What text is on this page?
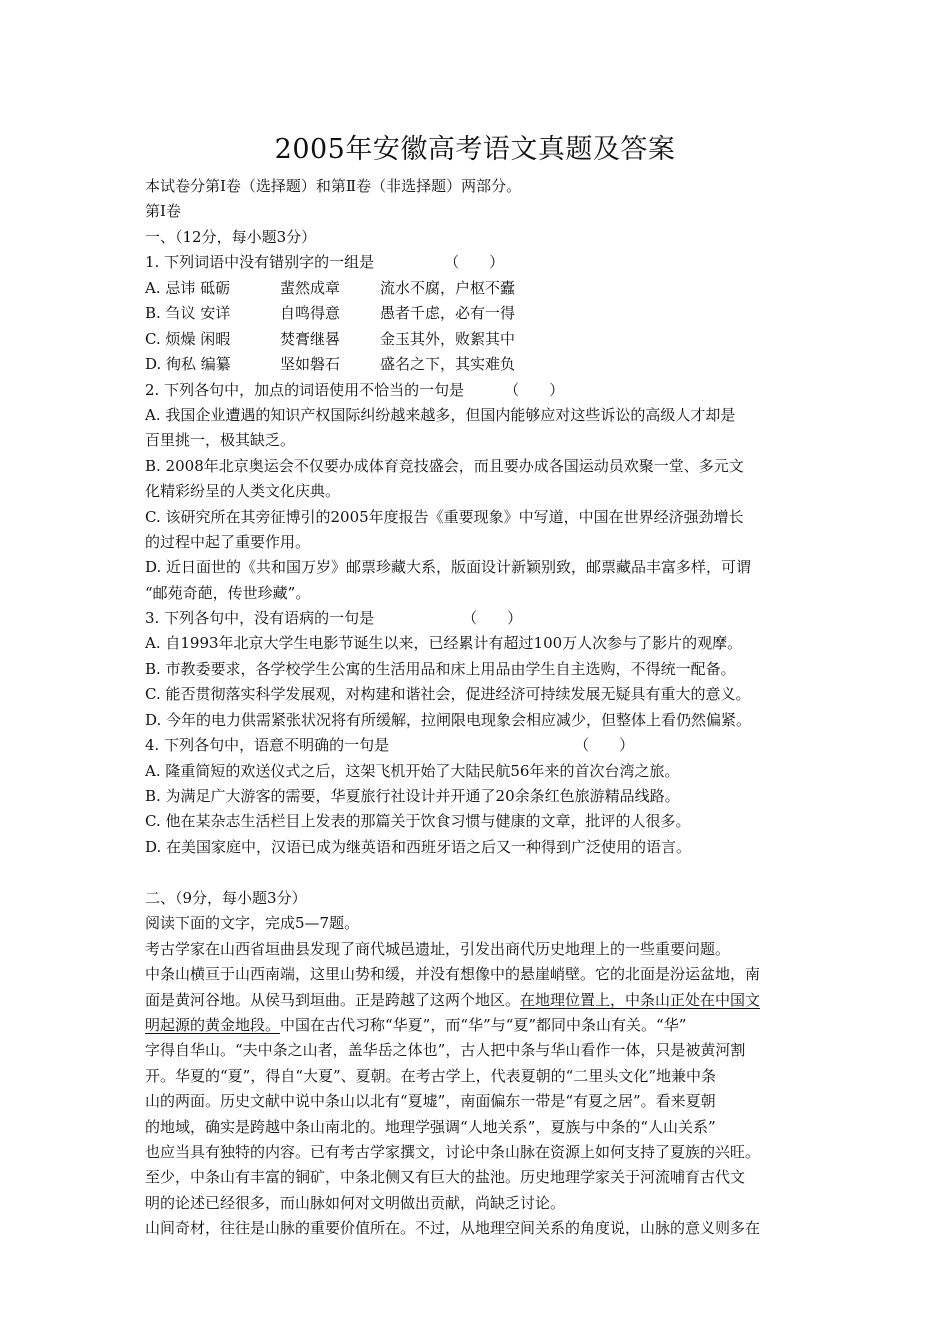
2005年安徽高考语文真题及答案
本试卷分第Ⅰ卷（选择题）和第Ⅱ卷（非选择题）两部分。
第Ⅰ卷
一、（12分，每小题3分）
1. 下列词语中没有错别字的一组是	（　　）
A. 忌讳 砥砺	蜚然成章	流水不腐，户枢不蠹
B. 刍议 安详	自鸣得意	愚者千虑，必有一得
C. 烦燥 闲暇	焚膏继晷	金玉其外，败絮其中
D. 徇私 编纂	坚如磐石	盛名之下，其实难负
2. 下列各句中，加点的词语使用不恰当的一句是	（　　）
A. 我国企业遭遇的知识产权国际纠纷越来越多，但国内能够应对这些诉讼的高级人才却是
百里挑一，极其缺乏。
B. 2008年北京奥运会不仅要办成体育竞技盛会，而且要办成各国运动员欢聚一堂、多元文
化精彩纷呈的人类文化庆典。
C. 该研究所在其旁征博引的2005年度报告《重要现象》中写道，中国在世界经济强劲增长
的过程中起了重要作用。
D. 近日面世的《共和国万岁》邮票珍藏大系，版面设计新颖别致，邮票藏品丰富多样，可谓
“邮苑奇葩，传世珍藏”。
3. 下列各句中，没有语病的一句是	（　　）
A. 自1993年北京大学生电影节诞生以来，已经累计有超过100万人次参与了影片的观摩。
B. 市教委要求，各学校学生公寓的生活用品和床上用品由学生自主选购，不得统一配备。
C. 能否贯彻落实科学发展观，对构建和谐社会，促进经济可持续发展无疑具有重大的意义。
D. 今年的电力供需紧张状况将有所缓解，拉闸限电现象会相应减少，但整体上看仍然偏紧。
4. 下列各句中，语意不明确的一句是	（　　）
A. 隆重简短的欢送仪式之后，这架飞机开始了大陆民航56年来的首次台湾之旅。
B. 为满足广大游客的需要，华夏旅行社设计并开通了20余条红色旅游精品线路。
C. 他在某杂志生活栏目上发表的那篇关于饮食习惯与健康的文章，批评的人很多。
D. 在美国家庭中，汉语已成为继英语和西班牙语之后又一种得到广泛使用的语言。
二、（9分，每小题3分）
阅读下面的文字，完成5—7题。
考古学家在山西省垣曲县发现了商代城邑遗址，引发出商代历史地理上的一些重要问题。
中条山横亘于山西南端，这里山势和缓，并没有想像中的悬崖峭壁。它的北面是汾运盆地，南
面是黄河谷地。从侯马到垣曲。正是跨越了这两个地区。在地理位置上，中条山正处在中国文
明起源的黄金地段。中国在古代习称“华夏”，而“华”与“夏”都同中条山有关。“华”
字得自华山。“夫中条之山者，盖华岳之体也”，古人把中条与华山看作一体，只是被黄河割
开。华夏的“夏”，得自“大夏”、夏朝。在考古学上，代表夏朝的“二里头文化”地兼中条
山的两面。历史文献中说中条山以北有“夏墟”，南面偏东一带是“有夏之居”。看来夏朝
的地域，确实是跨越中条山南北的。地理学强调“人地关系”，夏族与中条的“人山关系”
也应当具有独特的内容。已有考古学家撰文，讨论中条山脉在资源上如何支持了夏族的兴旺。
至少，中条山有丰富的铜矿，中条北侧又有巨大的盐池。历史地理学家关于河流哺育古代文
明的论述已经很多，而山脉如何对文明做出贡献，尚缺乏讨论。
山间奇材，往往是山脉的重要价值所在。不过，从地理空间关系的角度说，山脉的意义则多在
